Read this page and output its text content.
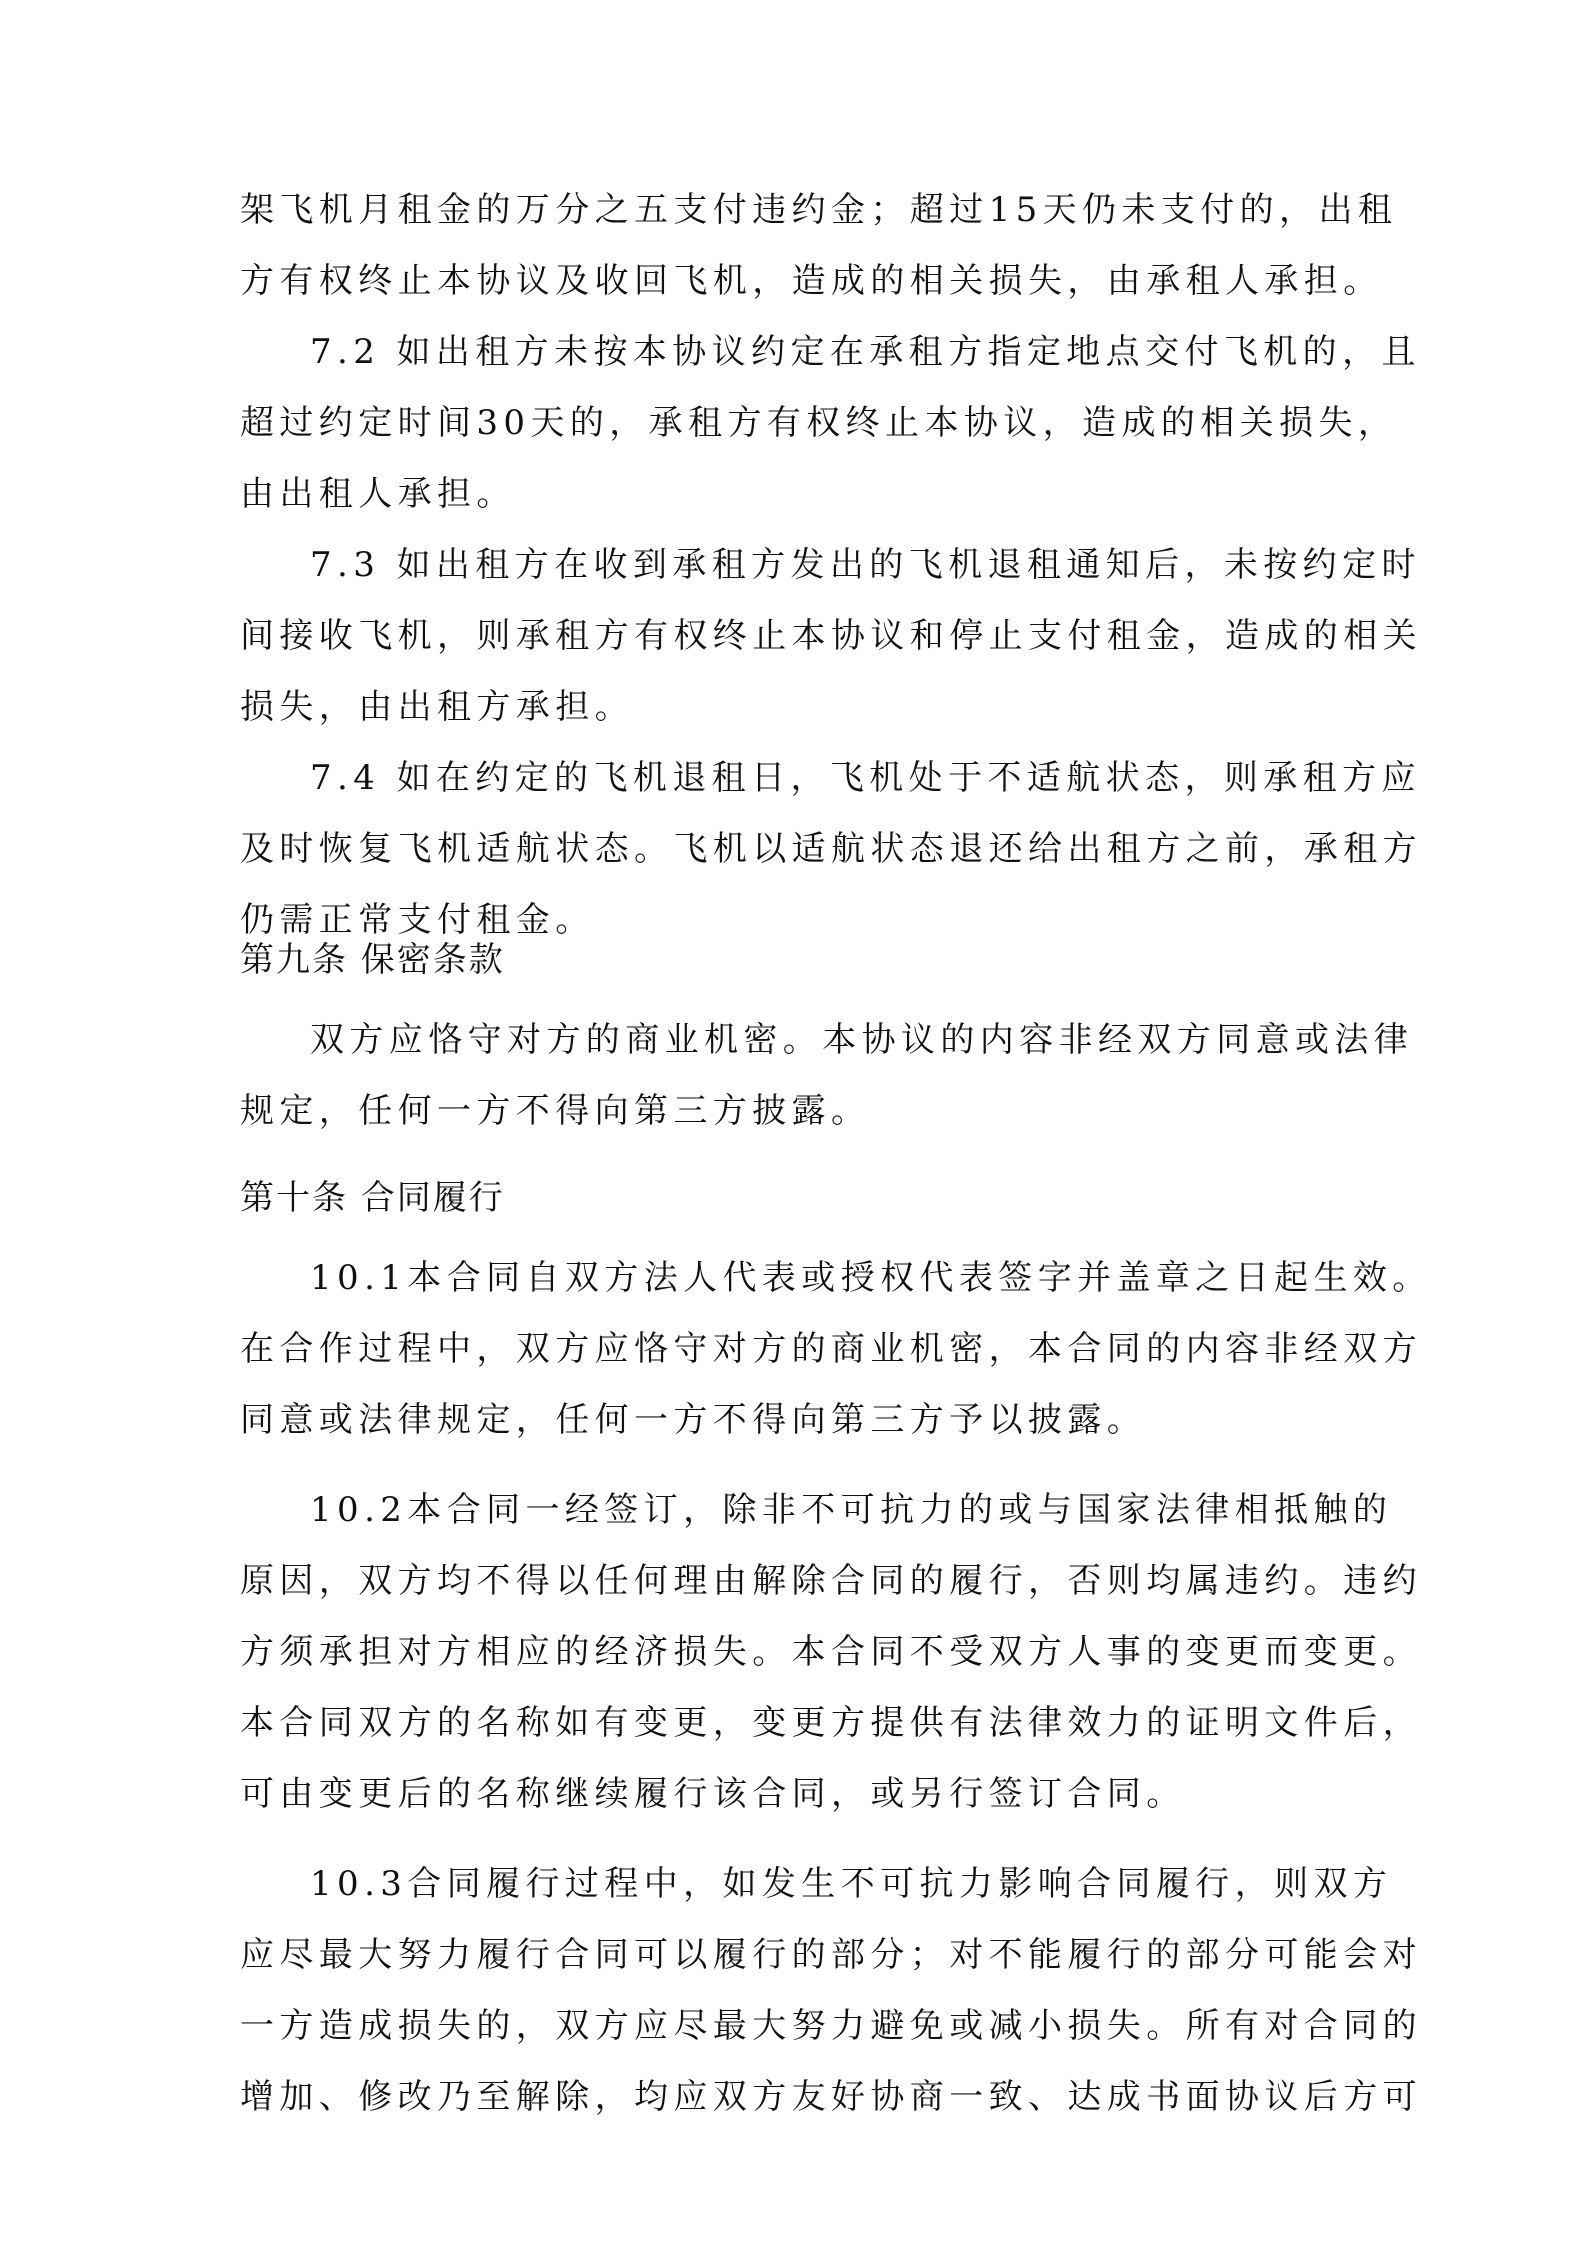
架飞机月租金的万分之五支付违约金；超过15天仍未支付的，出租
方有权终止本协议及收回飞机，造成的相关损失，由承租人承担。
7.2 如出租方未按本协议约定在承租方指定地点交付飞机的，且
超过约定时间30天的，承租方有权终止本协议，造成的相关损失，
由出租人承担。
7.3 如出租方在收到承租方发出的飞机退租通知后，未按约定时
间接收飞机，则承租方有权终止本协议和停止支付租金，造成的相关
损失，由出租方承担。
7.4 如在约定的飞机退租日，飞机处于不适航状态，则承租方应
及时恢复飞机适航状态。飞机以适航状态退还给出租方之前，承租方
仍需正常支付租金。
第九条 保密条款
双方应恪守对方的商业机密。本协议的内容非经双方同意或法律
规定，任何一方不得向第三方披露。
第十条 合同履行
10.1本合同自双方法人代表或授权代表签字并盖章之日起生效。
在合作过程中，双方应恪守对方的商业机密，本合同的内容非经双方
同意或法律规定，任何一方不得向第三方予以披露。
10.2本合同一经签订，除非不可抗力的或与国家法律相抵触的
原因，双方均不得以任何理由解除合同的履行，否则均属违约。违约
方须承担对方相应的经济损失。本合同不受双方人事的变更而变更。
本合同双方的名称如有变更，变更方提供有法律效力的证明文件后，
可由变更后的名称继续履行该合同，或另行签订合同。
10.3合同履行过程中，如发生不可抗力影响合同履行，则双方
应尽最大努力履行合同可以履行的部分；对不能履行的部分可能会对
一方造成损失的，双方应尽最大努力避免或减小损失。所有对合同的
增加、修改乃至解除，均应双方友好协商一致、达成书面协议后方可
